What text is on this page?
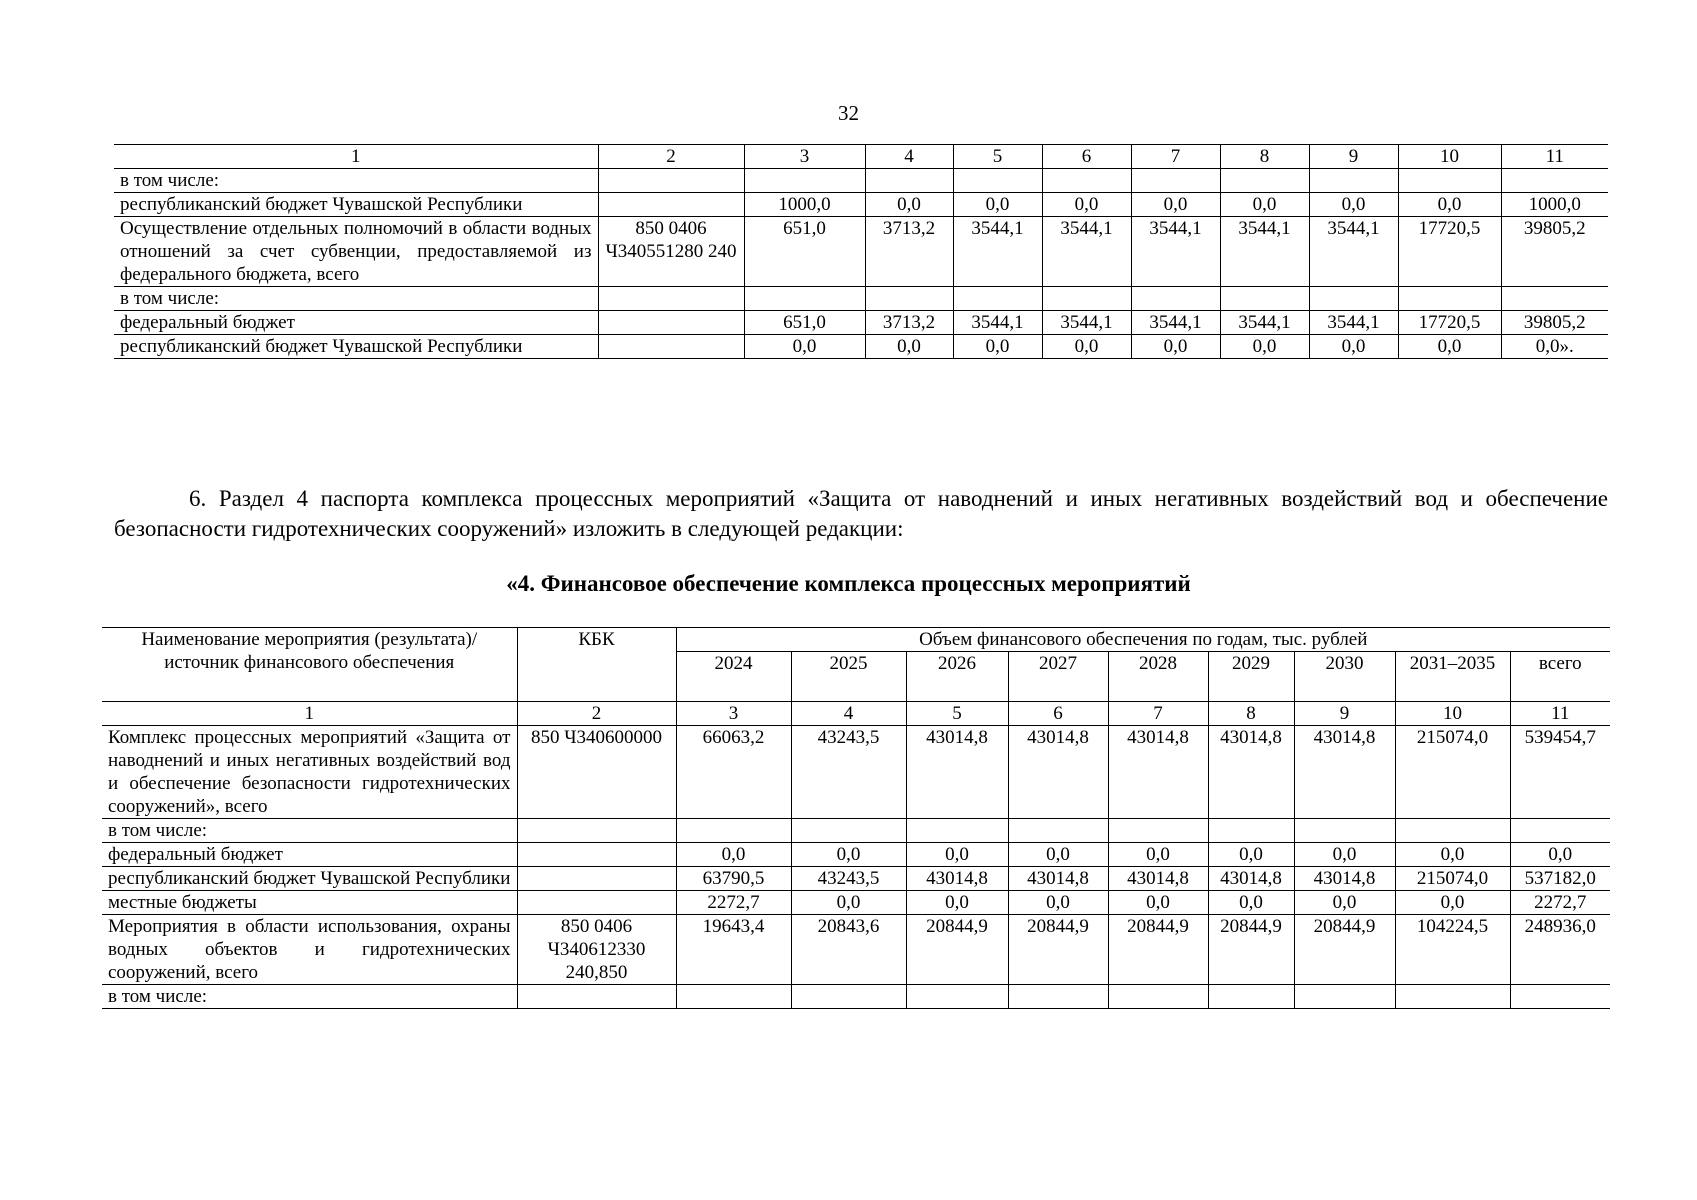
32
1	2	3	4	5	6	7	8	9	10	11
в том числе:										
республиканский бюджет Чувашской Республики		1000,0	0,0	0,0	0,0	0,0	0,0	0,0	0,0	1000,0
Осуществление отдельных полномочий в области водных отношений за счет субвенции, предоставляемой из федерального бюджета, всего	850 0406 Ч340551280 240	651,0	3713,2	3544,1	3544,1	3544,1	3544,1	3544,1	17720,5	39805,2
в том числе:										
федеральный бюджет		651,0	3713,2	3544,1	3544,1	3544,1	3544,1	3544,1	17720,5	39805,2
республиканский бюджет Чувашской Республики		0,0	0,0	0,0	0,0	0,0	0,0	0,0	0,0	0,0».
6. Раздел 4 паспорта комплекса процессных мероприятий «Защита от наводнений и иных негативных воздействий вод и обеспечение безопасности гидротехнических сооружений» изложить в следующей редакции:
«4. Финансовое обеспечение комплекса процессных мероприятий
Наименование мероприятия (результата)/источник финансового обеспечения	КБК	Объем финансового обеспечения по годам, тыс. рублей								
		2024	2025	2026	2027	2028	2029	2030	2031–2035	всего
1	2	3	4	5	6	7	8	9	10	11
Комплекс процессных мероприятий «Защита от наводнений и иных негативных воздействий вод и обеспечение безопасности гидротехнических сооружений», всего	850 Ч340600000	66063,2	43243,5	43014,8	43014,8	43014,8	43014,8	43014,8	215074,0	539454,7
в том числе:										
федеральный бюджет		0,0	0,0	0,0	0,0	0,0	0,0	0,0	0,0	0,0
республиканский бюджет Чувашской Республики		63790,5	43243,5	43014,8	43014,8	43014,8	43014,8	43014,8	215074,0	537182,0
местные бюджеты		2272,7	0,0	0,0	0,0	0,0	0,0	0,0	0,0	2272,7
Мероприятия в области использования, охраны водных объектов и гидротехнических сооружений, всего	850 0406 Ч340612330 240,850	19643,4	20843,6	20844,9	20844,9	20844,9	20844,9	20844,9	104224,5	248936,0
в том числе:										
